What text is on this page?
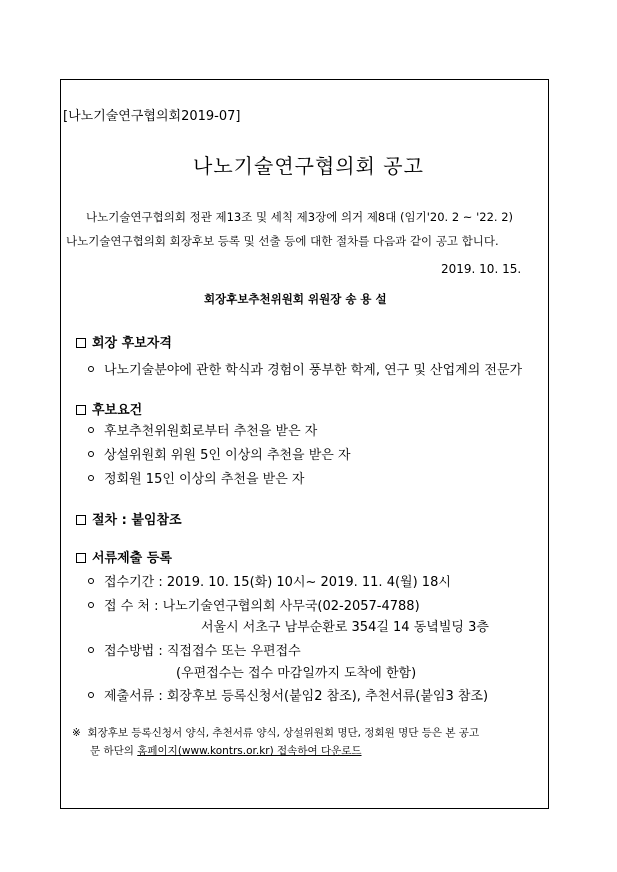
[나노기술연구협의회2019-07]
나노기술연구협의회 공고
나노기술연구협의회 정관 제13조 및 세칙 제3장에 의거 제8대 (임기'20. 2 ~ '22. 2)
나노기술연구협의회 회장후보 등록 및 선출 등에 대한 절차를 다음과 같이 공고 합니다.
2019. 10. 15.
회장후보추천위원회 위원장 송 용 설
회장 후보자격
나노기술분야에 관한 학식과 경험이 풍부한 학계, 연구 및 산업계의 전문가
후보요건
후보추천위원회로부터 추천을 받은 자
상설위원회 위원 5인 이상의 추천을 받은 자
정회원 15인 이상의 추천을 받은 자
절차 : 붙임참조
서류제출 등록
접수기간 : 2019. 10. 15(화) 10시~ 2019. 11. 4(월) 18시
접 수 처 : 나노기술연구협의회 사무국(02-2057-4788)
서울시 서초구 남부순환로 354길 14 동녘빌딩 3층
접수방법 : 직접접수 또는 우편접수
(우편접수는 접수 마감일까지 도착에 한함)
제출서류 : 회장후보 등록신청서(붙임2 참조), 추천서류(붙임3 참조)
※ 회장후보 등록신청서 양식, 추천서류 양식, 상설위원회 명단, 정회원 명단 등은 본 공고
문 하단의 홈페이지(www.kontrs.or.kr) 접속하여 다운로드
